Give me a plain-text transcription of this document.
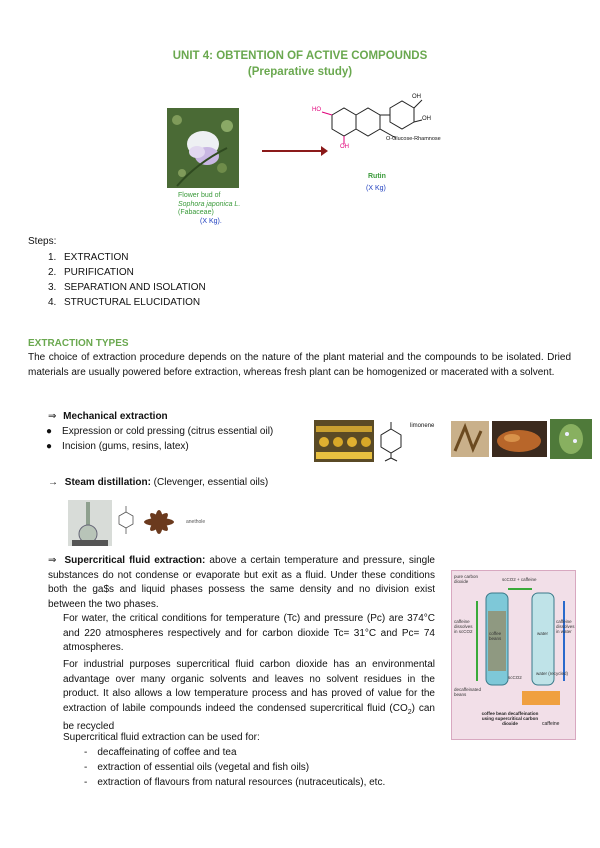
UNIT 4: OBTENTION OF ACTIVE COMPOUNDS
(Preparative study)
Flower bud of
Sophora japonica L.
(Fabaceae)
(X Kg).
HO
OH
OH
OH
O-Glucose-Rhamnose
Rutin
(X Kg)
Steps:
1. EXTRACTION
2. PURIFICATION
3. SEPARATION AND ISOLATION
4. STRUCTURAL ELUCIDATION
EXTRACTION TYPES
The choice of extraction procedure depends on the nature of the plant material and the compounds to be isolated. Dried materials are usually powered before extraction, whereas fresh plant can be homogenized or macerated with a solvent.
⇒ Mechanical extraction
● Expression or cold pressing (citrus essential oil)
● Incision (gums, resins, latex)
limonene
→ Steam distillation: (Clevenger, essential oils)
anethole
⇒ Supercritical fluid extraction: above a certain temperature and pressure, single substances do not condense or evaporate but exit as a fluid. Under these conditions both the ga$s and liquid phases possess the same density and no division exist between the two phases.
For water, the critical conditions for temperature (Tc) and pressure (Pc) are 374°C and 220 atmospheres respectively and for carbon dioxide Tc= 31°C and Pc= 74 atmospheres.
For industrial purposes supercritical fluid carbon dioxide has an environmental advantage over many organic solvents and leaves no solvent residues in the product. It also allows a low temperature process and has proved of value for the extraction of labile compounds indeed the condensed supercritical fluid $(CO_2)$ can be recycled
Supercritical fluid extraction can be used for:
- decaffeinating of coffee and tea
- extraction of essential oils (vegetal and fish oils)
- extraction of flavours from natural resources (nutraceuticals), etc.
pure carbon dioxide	scCO2 + caffeine
caffeine dissolves in scCO2
caffeine dissolves in water
coffee beans
water
scCO2
water (recycled)
decaffeinated beans
coffee bean decaffeination using supercritical carbon dioxide	caffeine
